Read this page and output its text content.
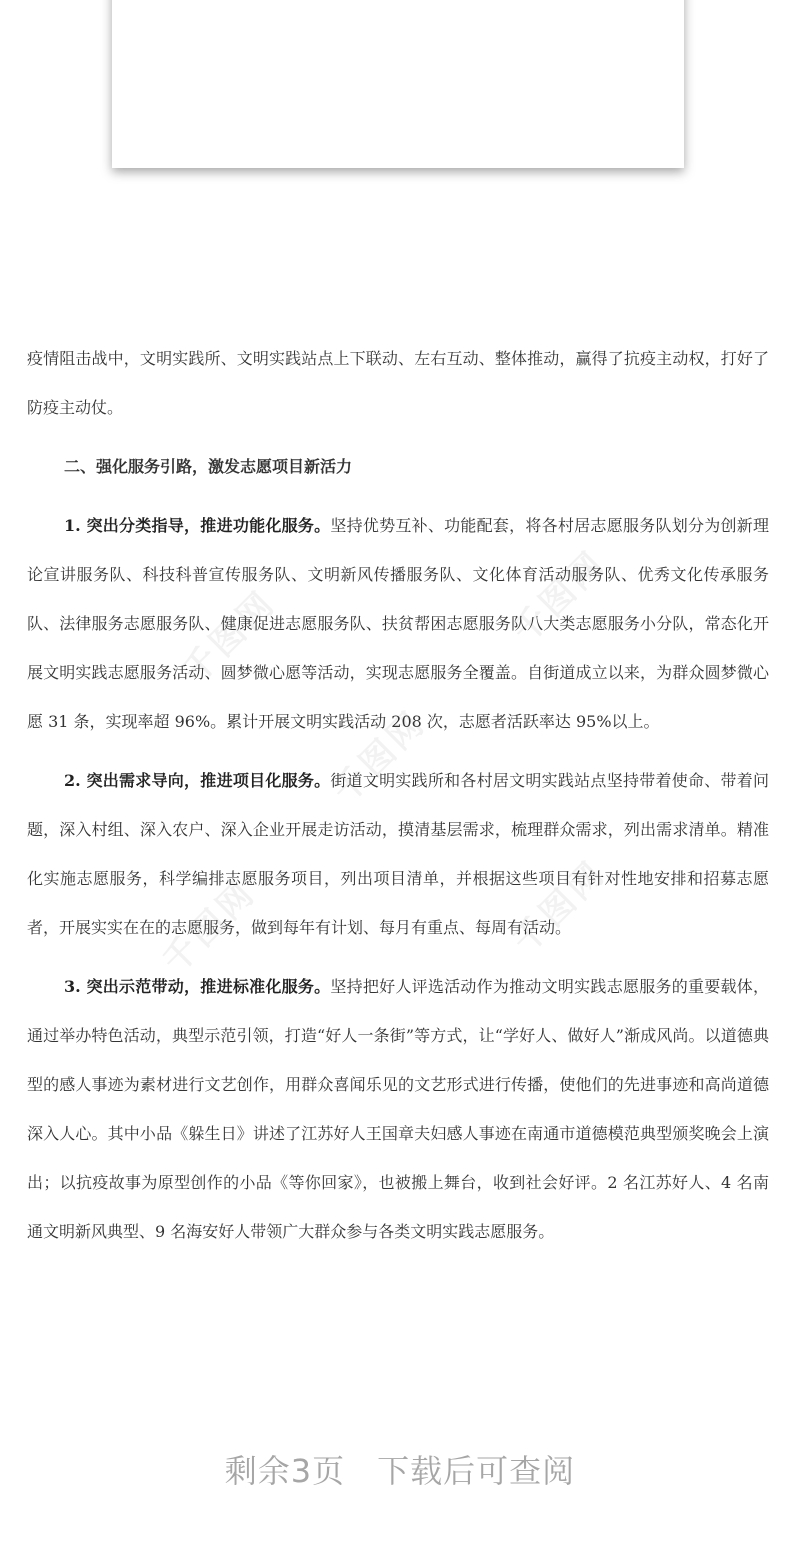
千图网	千图网
千图网
千图网	千图网

疫情阻击战中，文明实践所、文明实践站点上下联动、左右互动、整体推动，赢得了抗疫主动权，打好了防疫主动仗。

二、强化服务引路，激发志愿项目新活力

1. 突出分类指导，推进功能化服务。坚持优势互补、功能配套，将各村居志愿服务队划分为创新理论宣讲服务队、科技科普宣传服务队、文明新风传播服务队、文化体育活动服务队、优秀文化传承服务队、法律服务志愿服务队、健康促进志愿服务队、扶贫帮困志愿服务队八大类志愿服务小分队，常态化开展文明实践志愿服务活动、圆梦微心愿等活动，实现志愿服务全覆盖。自街道成立以来，为群众圆梦微心愿 31 条，实现率超 96%。累计开展文明实践活动 208 次，志愿者活跃率达 95%以上。

2. 突出需求导向，推进项目化服务。街道文明实践所和各村居文明实践站点坚持带着使命、带着问题，深入村组、深入农户、深入企业开展走访活动，摸清基层需求，梳理群众需求，列出需求清单。精准化实施志愿服务，科学编排志愿服务项目，列出项目清单，并根据这些项目有针对性地安排和招募志愿者，开展实实在在的志愿服务，做到每年有计划、每月有重点、每周有活动。

3. 突出示范带动，推进标准化服务。坚持把好人评选活动作为推动文明实践志愿服务的重要载体，通过举办特色活动，典型示范引领，打造“好人一条街”等方式，让“学好人、做好人”渐成风尚。以道德典型的感人事迹为素材进行文艺创作，用群众喜闻乐见的文艺形式进行传播，使他们的先进事迹和高尚道德深入人心。其中小品《躲生日》讲述了江苏好人王国章夫妇感人事迹在南通市道德模范典型颁奖晚会上演出；以抗疫故事为原型创作的小品《等你回家》，也被搬上舞台，收到社会好评。2 名江苏好人、4 名南通文明新风典型、9 名海安好人带领广大群众参与各类文明实践志愿服务。

剩余3页 下载后可查阅
